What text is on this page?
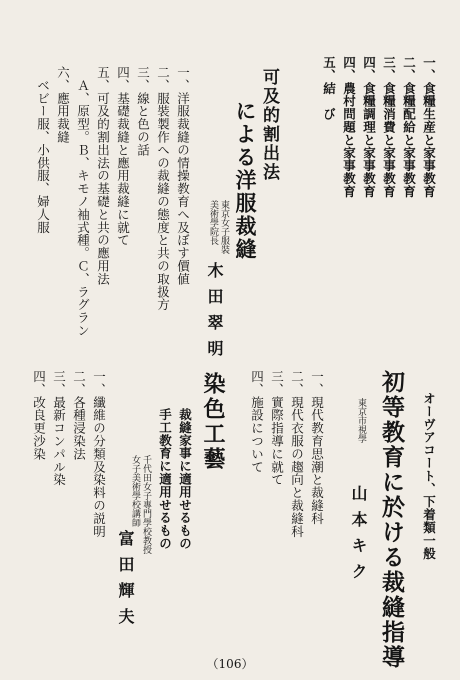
一、食糧生産と家事教育
二、食糧配給と家事教育
三、食糧消費と家事教育
四、食糧調理と家事教育
四、農村問題と家事教育
五、結　び
可及的割出法
による洋服裁縫
東京女子服裝
美術學院長
木田翠明
一、洋服裁縫の情操教育へ及ぼす價値
二、服裝製作への裁縫の態度と共の取扱方
三、線と色の話
四、基礎裁縫と應用裁縫に就て
五、可及的割出法の基礎と共の應用法
　Ａ、原型。Ｂ、キモノ袖式種。Ｃ、ラグラン
六、應用裁縫
　ベビー服、小供服、婦人服
オーヴアコート、下着類一般
初等教育に於ける裁縫指導
東京市視學
山本キク
一、現代教育思潮と裁縫科
二、現代衣服の趨向と裁縫科
三、實際指導に就て
四、施設について
染色工藝
裁縫家事に適用せるもの
手工教育に適用せるもの
千代田女子專門學校教授
女子美術學校講師
富田輝夫
一、纖維の分類及染料の説明
二、各種浸染法
三、最新コンパル染
四、改良更沙染
（106）
